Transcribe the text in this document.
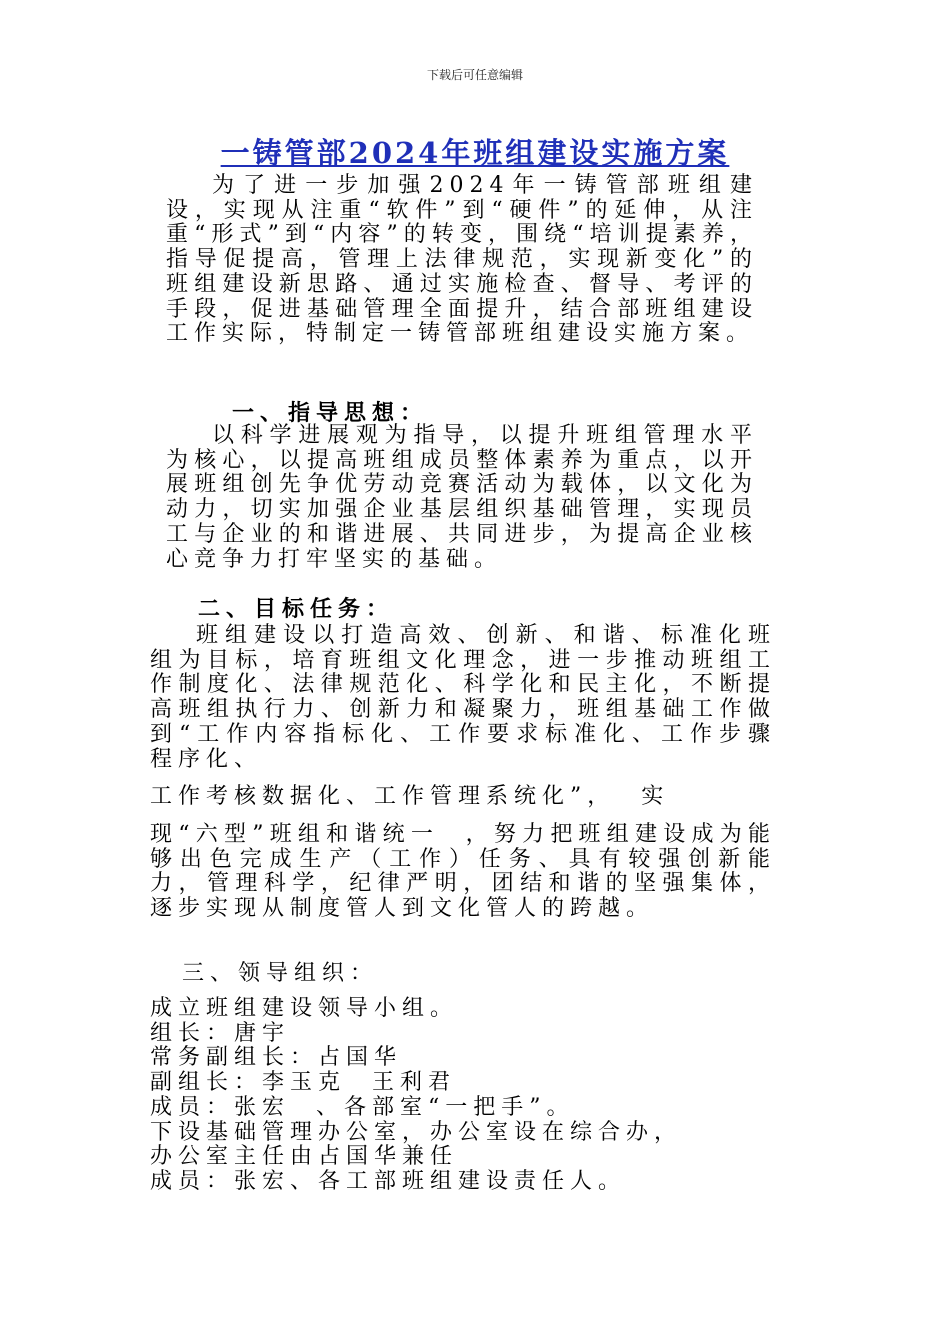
下载后可任意编辑
一铸管部2024年班组建设实施方案
为了进一步加强2024年一铸管部班组建设，实现从注重“软件”到“硬件”的延伸，从注重“形式”到“内容”的转变，围绕“培训提素养，指导促提高，管理上法律规范，实现新变化”的班组建设新思路、通过实施检查、督导、考评的手段，促进基础管理全面提升，结合部班组建设工作实际，特制定一铸管部班组建设实施方案。
一、指导思想：
以科学进展观为指导，以提升班组管理水平为核心，以提高班组成员整体素养为重点，以开展班组创先争优劳动竞赛活动为载体，以文化为动力，切实加强企业基层组织基础管理，实现员工与企业的和谐进展、共同进步，为提高企业核心竞争力打牢坚实的基础。
二、目标任务：
班组建设以打造高效、创新、和谐、标准化班组为目标，培育班组文化理念，进一步推动班组工作制度化、法律规范化、科学化和民主化，不断提高班组执行力、创新力和凝聚力，班组基础工作做到“工作内容指标化、工作要求标准化、工作步骤程序化、
工作考核数据化、工作管理系统化”，  实
现“六型”班组和谐统一  ，努力把班组建设成为能够出色完成生产（工作）任务、具有较强创新能力，管理科学，纪律严明，团结和谐的坚强集体，逐步实现从制度管人到文化管人的跨越。
三、领导组织：
成立班组建设领导小组。
组长：唐宇
常务副组长：占国华
副组长：李玉克  王利君
成员：张宏  、各部室“一把手”。
下设基础管理办公室，办公室设在综合办，
办公室主任由占国华兼任
成员：张宏、各工部班组建设责任人。
